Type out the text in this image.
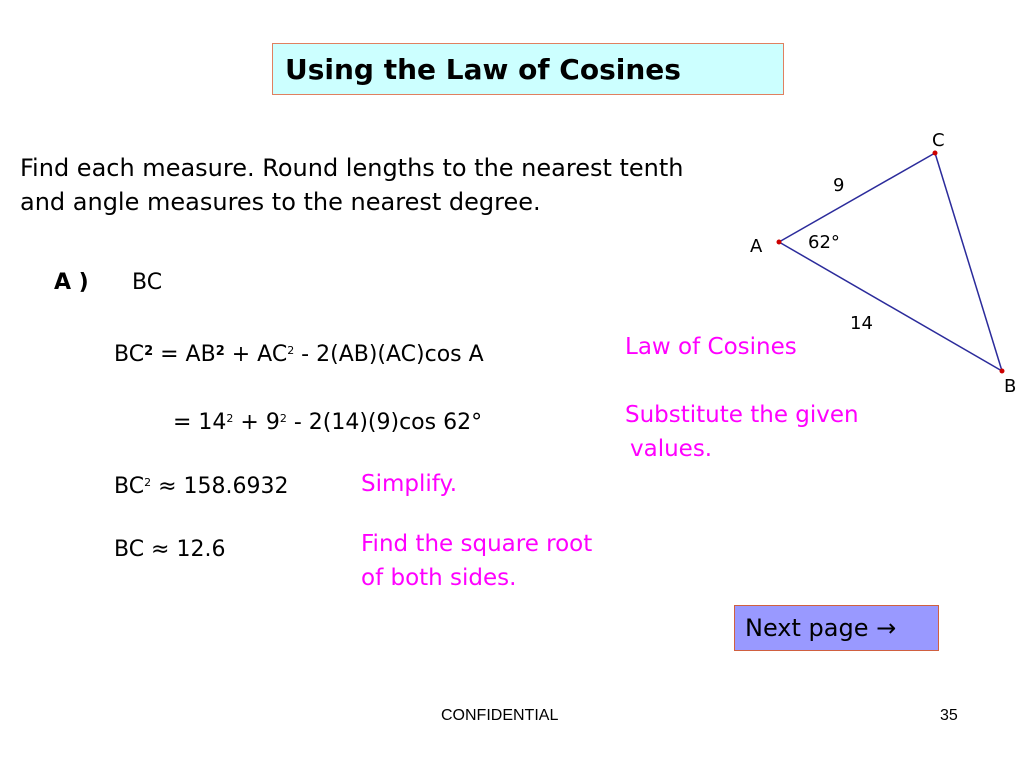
Using the Law of Cosines

Find each measure. Round lengths to the nearest tenth
and angle measures to the nearest degree.

A ) BC
$BC^2 = AB^2 + AC^2 - 2(AB)(AC)\cos$ A	Law of Cosines
= $14^2 + 9^2 - 2(14)(9)\cos$ 62°	Substitute the given
values.
$BC^2 \approx 158.6932$	Simplify.
BC ≈ 12.6	Find the square root
of both sides.
A
C
B
9
14
62°
Next page →
CONFIDENTIAL	35
